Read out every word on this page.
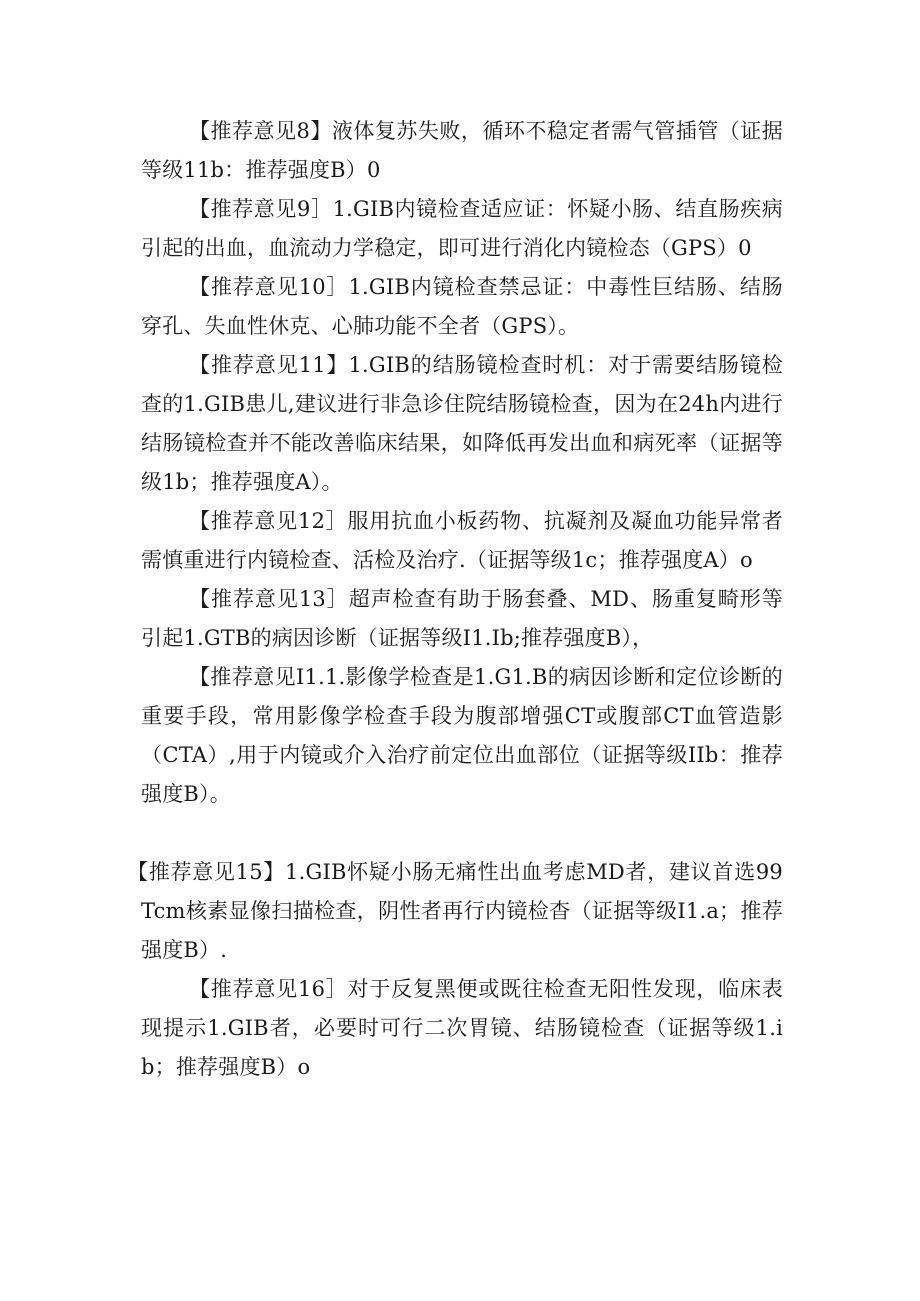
【推荐意见8】液体复苏失败，循环不稳定者需气管插管（证据等级11b：推荐强度B）0

【推荐意见9］1.GIB内镜检查适应证：怀疑小肠、结直肠疾病引起的出血，血流动力学稳定，即可进行消化内镜检态（GPS）0

【推荐意见10］1.GIB内镜检查禁忌证：中毒性巨结肠、结肠穿孔、失血性休克、心肺功能不全者（GPS）。

【推荐意见11】1.GIB的结肠镜检查时机：对于需要结肠镜检查的1.GIB患儿,建议进行非急诊住院结肠镜检查，因为在24h内进行结肠镜检查并不能改善临床结果，如降低再发出血和病死率（证据等级1b；推荐强度A）。

【推荐意见12］服用抗血小板药物、抗凝剂及凝血功能异常者需慎重进行内镜检查、活检及治疗.（证据等级1c；推荐强度A）o

【推荐意见13］超声检查有助于肠套叠、MD、肠重复畸形等引起1.GTB的病因诊断（证据等级I1.Ib;推荐强度B），

【推荐意见I1.1.影像学检查是1.G1.B的病因诊断和定位诊断的重要手段，常用影像学检查手段为腹部增强CT或腹部CT血管造影（CTA）,用于内镜或介入治疗前定位出血部位（证据等级IIb：推荐强度B）。

【推荐意见15】1.GIB怀疑小肠无痛性出血考虑MD者，建议首选99Tcm核素显像扫描检查，阴性者再行内镜检杳（证据等级I1.a；推荐强度B）.

【推荐意见16］对于反复黑便或既往检查无阳性发现，临床表现提示1.GIB者，必要时可行二次胃镜、结肠镜检查（证据等级1.ib；推荐强度B）o
